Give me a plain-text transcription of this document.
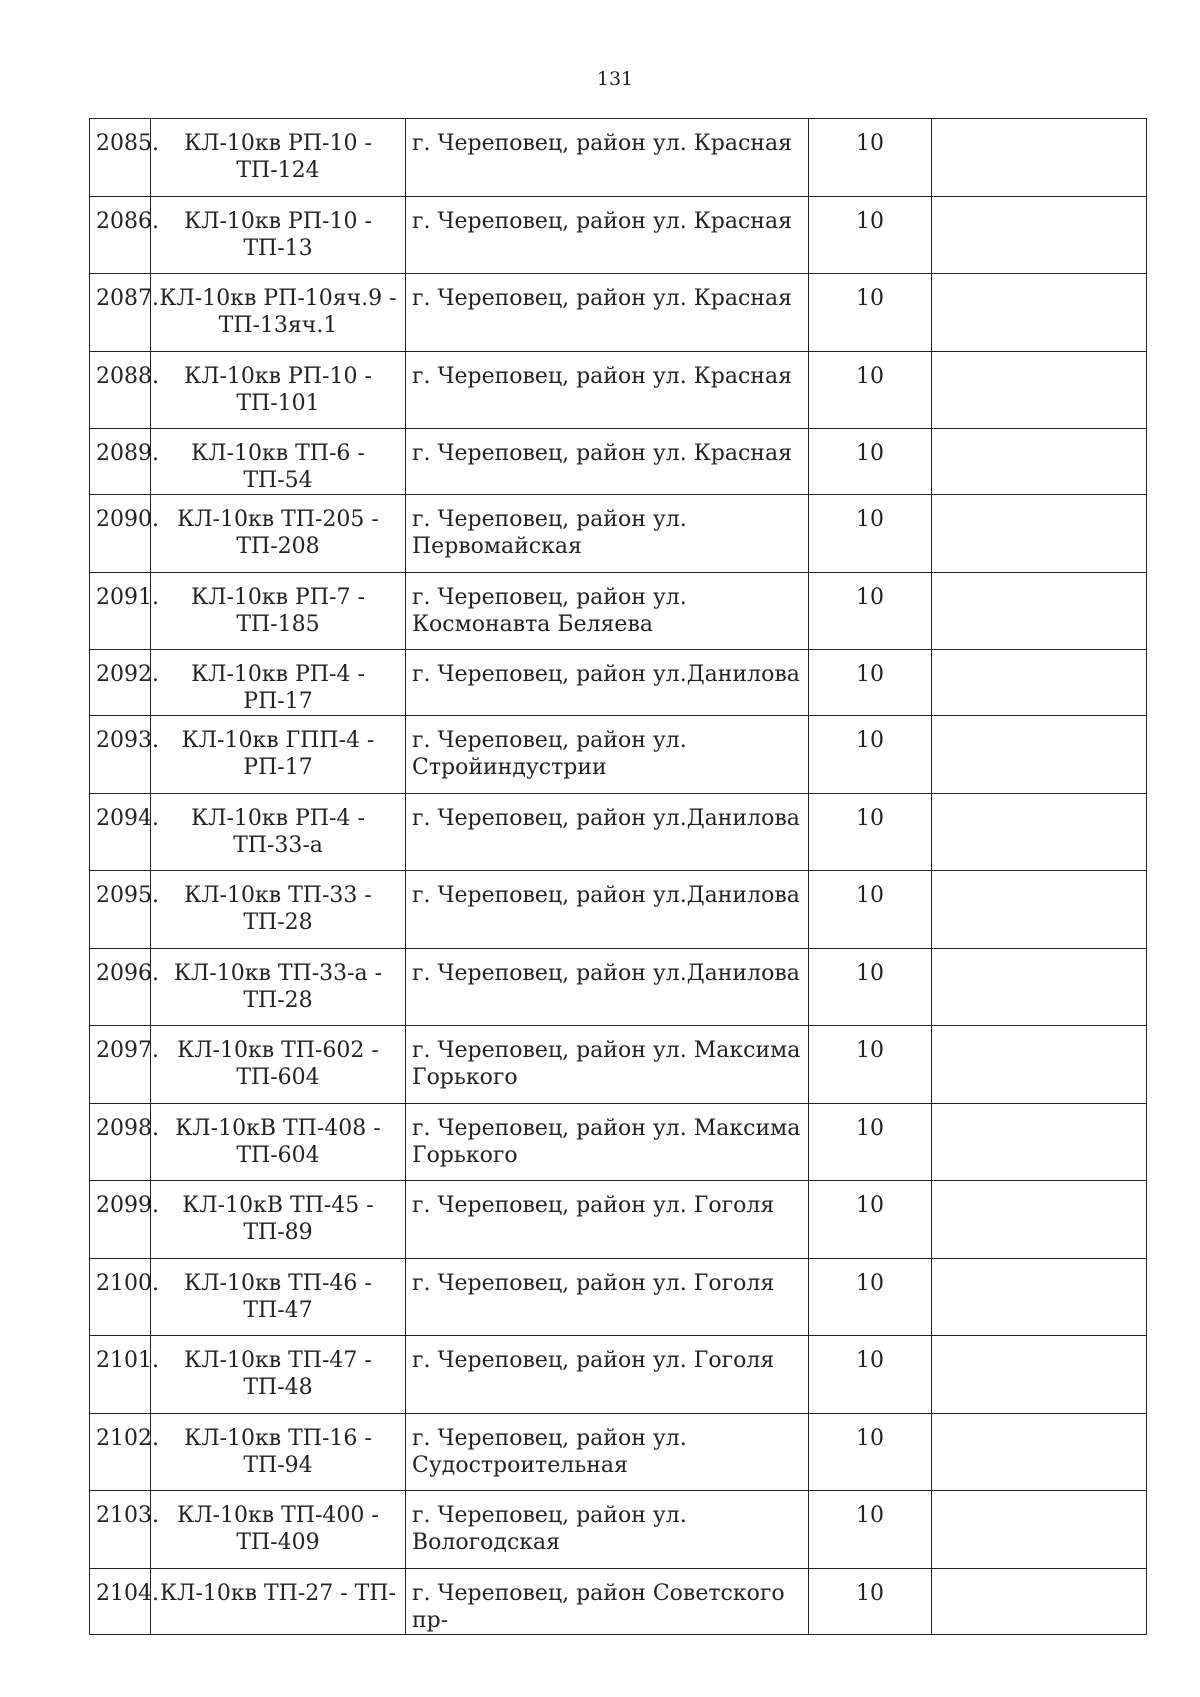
131
2085.	КЛ-10кв РП-10 - ТП-124	г. Череповец, район ул. Красная	10	
2086.	КЛ-10кв РП-10 - ТП-13	г. Череповец, район ул. Красная	10	
2087.	КЛ-10кв РП-10яч.9 - ТП-13яч.1	г. Череповец, район ул. Красная	10	
2088.	КЛ-10кв РП-10 - ТП-101	г. Череповец, район ул. Красная	10	
2089.	КЛ-10кв ТП-6 - ТП-54	г. Череповец, район ул. Красная	10	
2090.	КЛ-10кв ТП-205 - ТП-208	г. Череповец, район ул. Первомайская	10	
2091.	КЛ-10кв РП-7 - ТП-185	г. Череповец, район ул. Космонавта Беляева	10	
2092.	КЛ-10кв РП-4 - РП-17	г. Череповец, район ул.Данилова	10	
2093.	КЛ-10кв ГПП-4 - РП-17	г. Череповец, район ул. Стройиндустрии	10	
2094.	КЛ-10кв РП-4 - ТП-33-а	г. Череповец, район ул.Данилова	10	
2095.	КЛ-10кв ТП-33 - ТП-28	г. Череповец, район ул.Данилова	10	
2096.	КЛ-10кв ТП-33-а - ТП-28	г. Череповец, район ул.Данилова	10	
2097.	КЛ-10кв ТП-602 - ТП-604	г. Череповец, район ул. Максима Горького	10	
2098.	КЛ-10кВ ТП-408 - ТП-604	г. Череповец, район ул. Максима Горького	10	
2099.	КЛ-10кВ ТП-45 - ТП-89	г. Череповец, район ул. Гоголя	10	
2100.	КЛ-10кв ТП-46 - ТП-47	г. Череповец, район ул. Гоголя	10	
2101.	КЛ-10кв ТП-47 - ТП-48	г. Череповец, район ул. Гоголя	10	
2102.	КЛ-10кв ТП-16 - ТП-94	г. Череповец, район ул. Судостроительная	10	
2103.	КЛ-10кв ТП-400 - ТП-409	г. Череповец, район ул. Вологодская	10	
2104.	КЛ-10кв ТП-27 - ТП-	г. Череповец, район Советского пр-	10	
